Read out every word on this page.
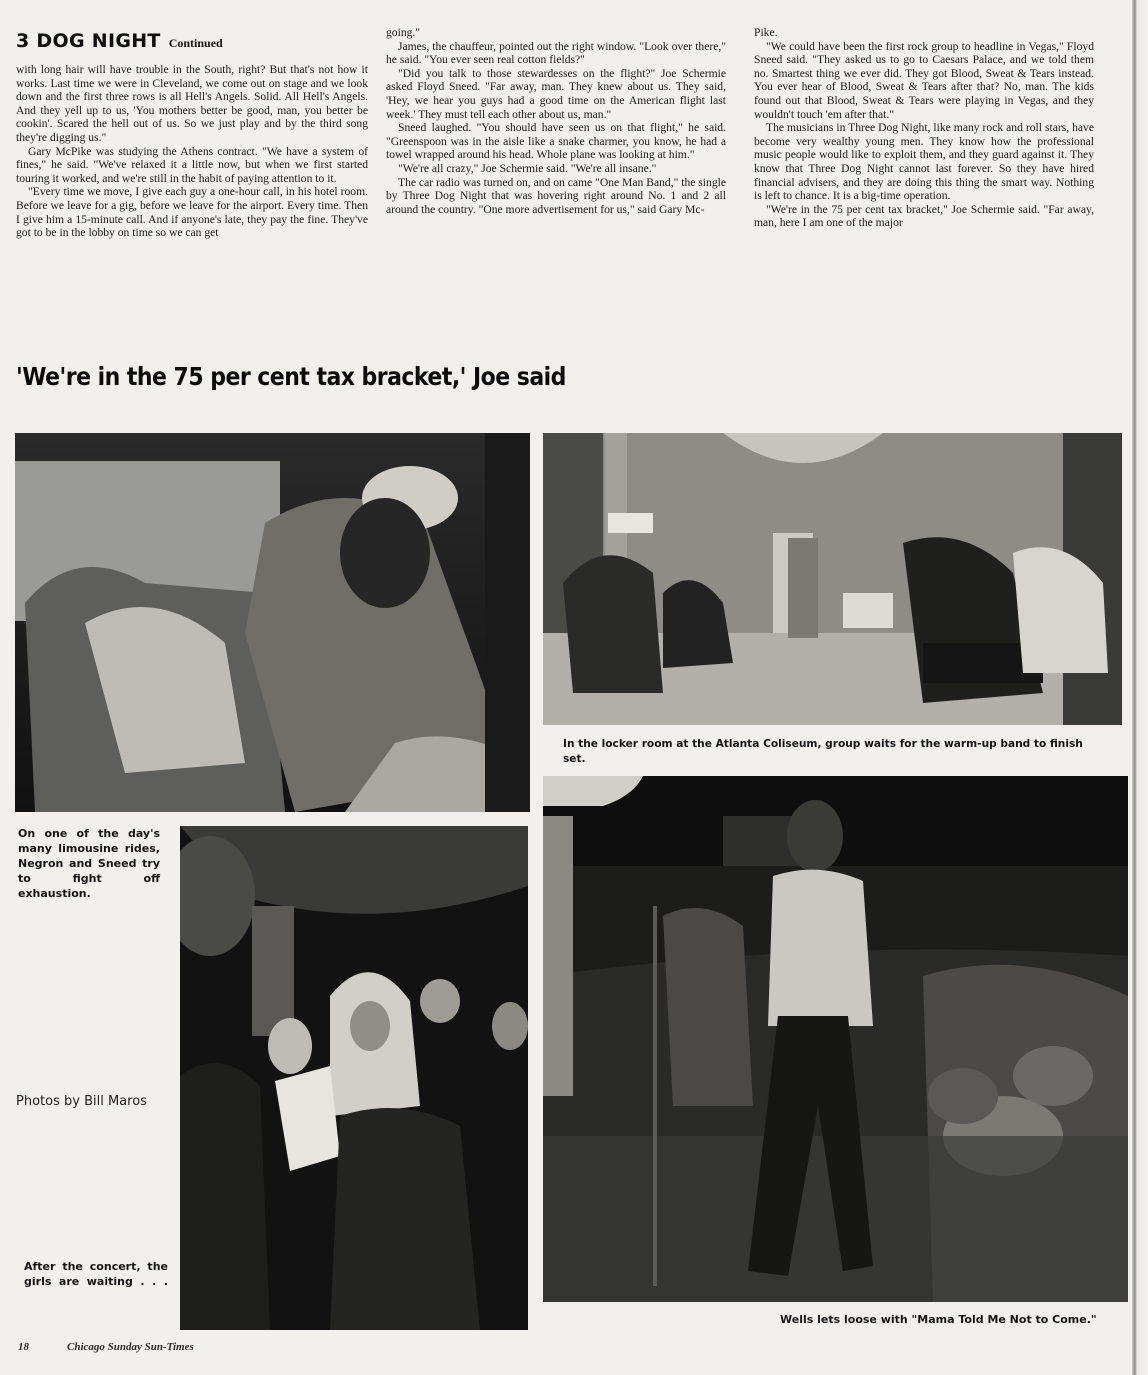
3 DOG NIGHT Continued

with long hair will have trouble in the South, right? But that's not how it works. Last time we were in Cleveland, we come out on stage and we look down and the first three rows is all Hell's Angels. Solid. All Hell's Angels. And they yell up to us, 'You mothers better be good, man, you better be cookin'. Scared the hell out of us. So we just play and by the third song they're digging us."

Gary McPike was studying the Athens contract. "We have a system of fines," he said. "We've relaxed it a little now, but when we first started touring it worked, and we're still in the habit of paying attention to it.

"Every time we move, I give each guy a one-hour call, in his hotel room. Before we leave for a gig, before we leave for the airport. Every time. Then I give him a 15-minute call. And if anyone's late, they pay the fine. They've got to be in the lobby on time so we can get

going."

James, the chauffeur, pointed out the right window. "Look over there," he said. "You ever seen real cotton fields?"

"Did you talk to those stewardesses on the flight?" Joe Schermie asked Floyd Sneed. "Far away, man. They knew about us. They said, 'Hey, we hear you guys had a good time on the American flight last week.' They must tell each other about us, man."

Sneed laughed. "You should have seen us on that flight," he said. "Greenspoon was in the aisle like a snake charmer, you know, he had a towel wrapped around his head. Whole plane was looking at him."

"We're all crazy," Joe Schermie said. "We're all insane."

The car radio was turned on, and on came "One Man Band," the single by Three Dog Night that was hovering right around No. 1 and 2 all around the country. "One more advertisement for us," said Gary Mc-

Pike.

"We could have been the first rock group to headline in Vegas," Floyd Sneed said. "They asked us to go to Caesars Palace, and we told them no. Smartest thing we ever did. They got Blood, Sweat & Tears instead. You ever hear of Blood, Sweat & Tears after that? No, man. The kids found out that Blood, Sweat & Tears were playing in Vegas, and they wouldn't touch 'em after that."

The musicians in Three Dog Night, like many rock and roll stars, have become very wealthy young men. They know how the professional music people would like to exploit them, and they guard against it. They know that Three Dog Night cannot last forever. So they have hired financial advisers, and they are doing this thing the smart way. Nothing is left to chance. It is a big-time operation.

"We're in the 75 per cent tax bracket," Joe Schermie said. "Far away, man, here I am one of the major

'We're in the 75 per cent tax bracket,' Joe said
In the locker room at the Atlanta Coliseum, group waits for the warm-up band to finish set.
On one of the day's many limousine rides, Negron and Sneed try to fight off exhaustion.
Photos by Bill Maros
After the concert, the girls are waiting . . .
Wells lets loose with "Mama Told Me Not to Come."
18	Chicago Sunday Sun-Times
